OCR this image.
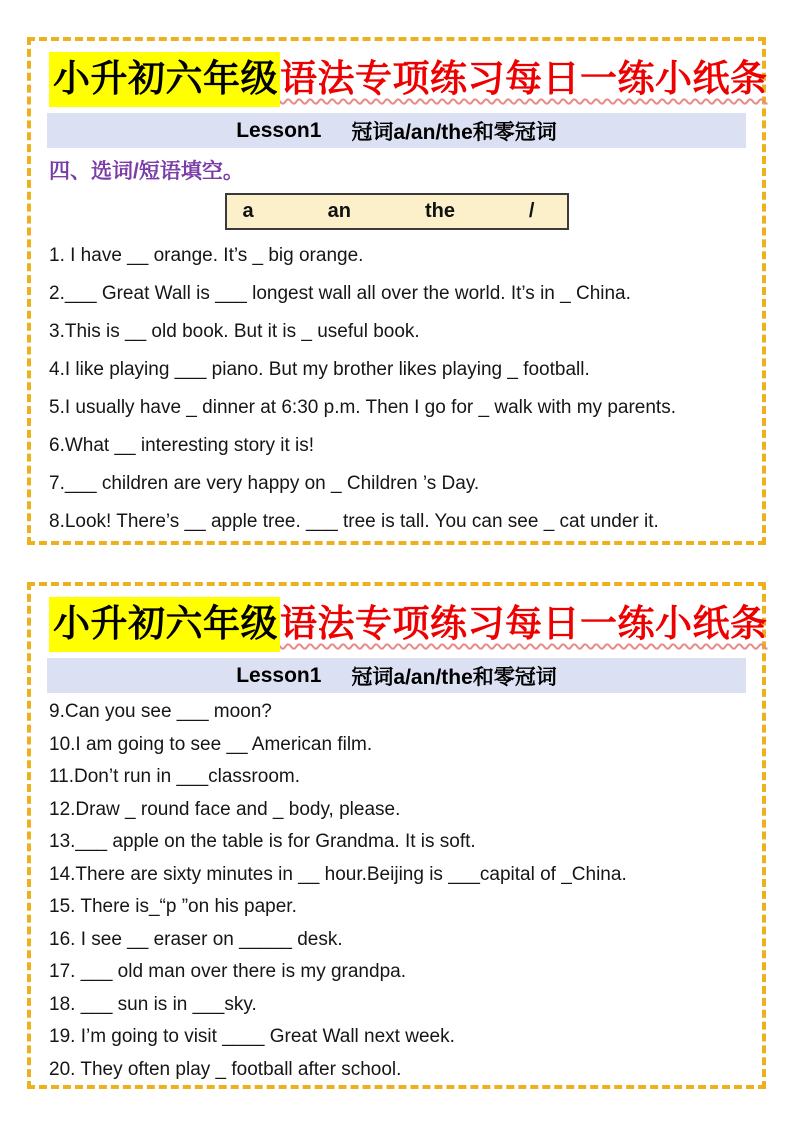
小升初六年级语法专项练习每日一练小纸条
Lesson1 冠词a/an/the和零冠词
四、选词/短语填空。
a	an	the	/
1. I have __ orange. It’s _ big orange.
2.___ Great Wall is ___ longest wall all over the world. It’s in _ China.
3.This is __ old book. But it is _ useful book.
4.I like playing ___ piano. But my brother likes playing _ football.
5.I usually have _ dinner at 6:30 p.m. Then I go for _ walk with my parents.
6.What __ interesting story it is!
7.___ children are very happy on _ Children ’s Day.
8.Look! There’s __ apple tree. ___ tree is tall. You can see _ cat under it.
小升初六年级语法专项练习每日一练小纸条
Lesson1 冠词a/an/the和零冠词
9.Can you see ___ moon?
10.I am going to see __ American film.
11.Don’t run in ___classroom.
12.Draw _ round face and _ body, please.
13.___ apple on the table is for Grandma. It is soft.
14.There are sixty minutes in __ hour.Beijing is ___capital of _China.
15. There is_“p ”on his paper.
16. I see __ eraser on _____ desk.
17. ___ old man over there is my grandpa.
18. ___ sun is in ___sky.
19. I’m going to visit ____ Great Wall next week.
20. They often play _ football after school.
